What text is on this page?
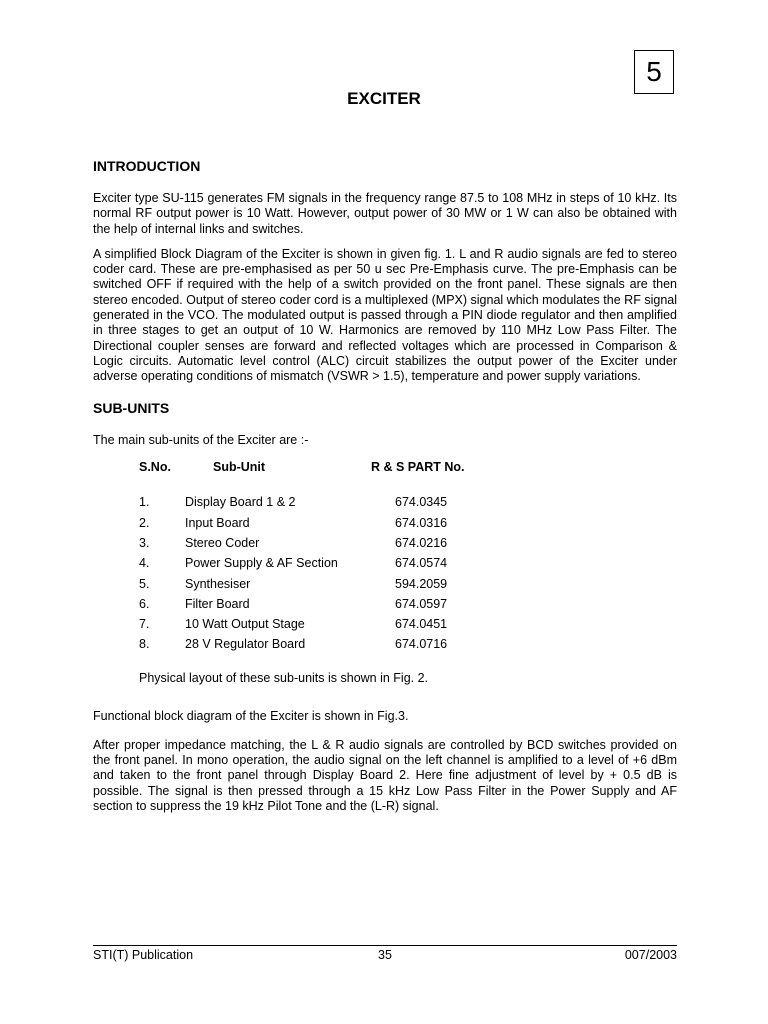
5
EXCITER
INTRODUCTION

Exciter type SU-115 generates FM signals in the frequency range 87.5 to 108 MHz in steps of 10 kHz. Its normal RF output power is 10 Watt. However, output power of 30 MW or 1 W can also be obtained with the help of internal links and switches.

A simplified Block Diagram of the Exciter is shown in given fig. 1. L and R audio signals are fed to stereo coder card. These are pre-emphasised as per 50 u sec Pre-Emphasis curve. The pre-Emphasis can be switched OFF if required with the help of a switch provided on the front panel. These signals are then stereo encoded. Output of stereo coder cord is a multiplexed (MPX) signal which modulates the RF signal generated in the VCO. The modulated output is passed through a PIN diode regulator and then amplified in three stages to get an output of 10 W. Harmonics are removed by 110 MHz Low Pass Filter. The Directional coupler senses are forward and reflected voltages which are processed in Comparison & Logic circuits. Automatic level control (ALC) circuit stabilizes the output power of the Exciter under adverse operating conditions of mismatch (VSWR > 1.5), temperature and power supply variations.

SUB-UNITS

The main sub-units of the Exciter are :-

S.No.	Sub-Unit	R & S PART No.
1.	Display Board 1 & 2	674.0345
2.	Input Board	674.0316
3.	Stereo Coder	674.0216
4.	Power Supply & AF Section	674.0574
5.	Synthesiser	594.2059
6.	Filter Board	674.0597
7.	10 Watt Output Stage	674.0451
8.	28 V Regulator Board	674.0716

Physical layout of these sub-units is shown in Fig. 2.

Functional block diagram of the Exciter is shown in Fig.3.

After proper impedance matching, the L & R audio signals are controlled by BCD switches provided on the front panel. In mono operation, the audio signal on the left channel is amplified to a level of +6 dBm and taken to the front panel through Display Board 2. Here fine adjustment of level by + 0.5 dB is possible. The signal is then pressed through a 15 kHz Low Pass Filter in the Power Supply and AF section to suppress the 19 kHz Pilot Tone and the (L-R) signal.

STI(T) Publication	35	007/2003
